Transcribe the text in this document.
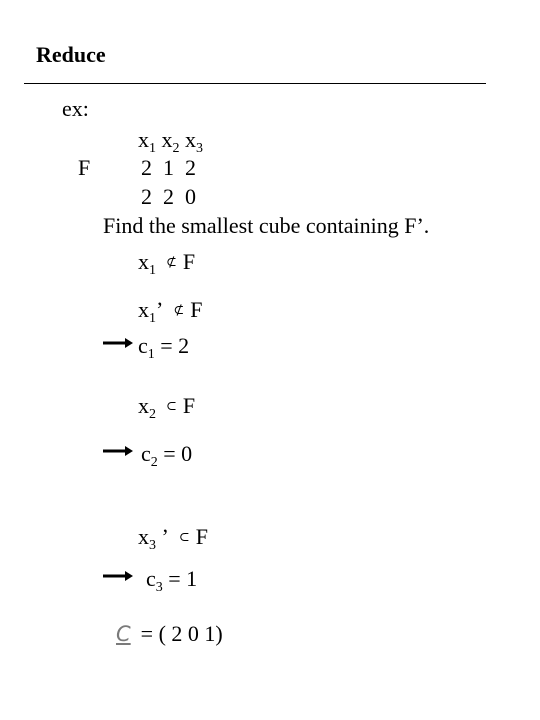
Reduce
ex:
$x_1$ $x_2$ $x_3$
F 2  1  2
2  2  0
Find the smallest cube containing F’.
$x_1⊄$ F
$x_1$’ ⊄ F
$c_1 = 2$
$x_2\subset$ F
$c_2 = 0$
$x_3$ ’ ⊂ F
$c_3 = 1$
C = ( 2 0 1)
